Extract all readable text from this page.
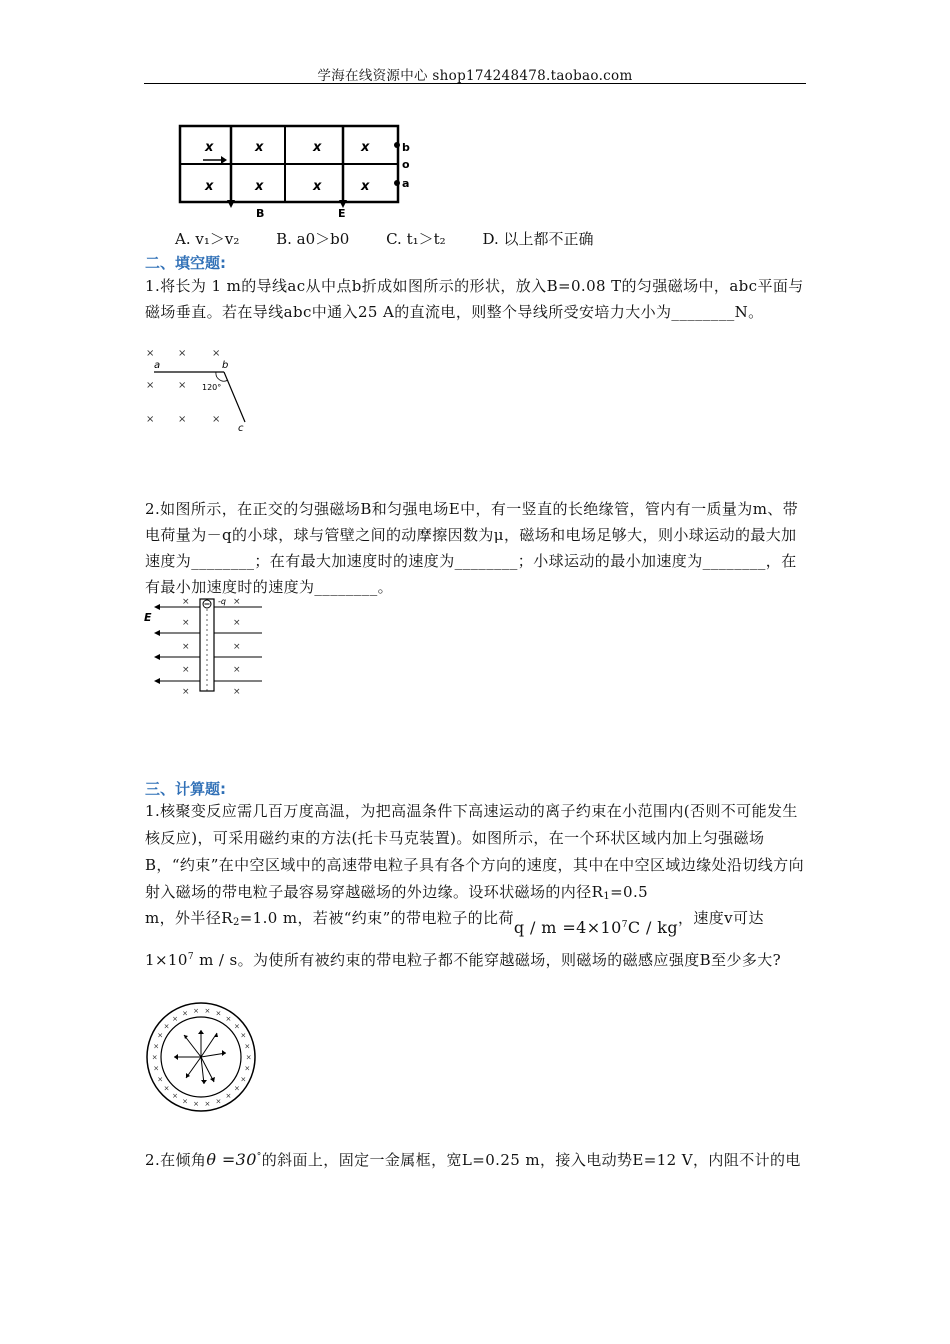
学海在线资源中心 shop174248478.taobao.com
x
x
x
x
x
x
x
x
b
o
a
B	E
A. v₁＞v₂ B. a0＞b0 C. t₁＞t₂ D. 以上都不正确
二、填空题:
1.将长为 1 m的导线ac从中点b折成如图所示的形状，放入B=0.08 T的匀强磁场中，abc平面与磁场垂直。若在导线abc中通入25 A的直流电，则整个导线所受安培力大小为________N。
× ×	×
× ×
× ×	×
a	b
c
120°
2.如图所示，在正交的匀强磁场B和匀强电场E中，有一竖直的长绝缘管，管内有一质量为m、带电荷量为－q的小球，球与管壁之间的动摩擦因数为μ，磁场和电场足够大，则小球运动的最大加速度为________；在有最大加速度时的速度为________；小球运动的最小加速度为________，在有最小加速度时的速度为________。
×	×
×	×
×	×
×	×
×	×
E
-q
三、计算题:
1.核聚变反应需几百万度高温，为把高温条件下高速运动的离子约束在小范围内(否则不可能发生核反应)，可采用磁约束的方法(托卡马克装置)。如图所示，在一个环状区域内加上匀强磁场B，“约束”在中空区域中的高速带电粒子具有各个方向的速度，其中在中空区域边缘处沿切线方向射入磁场的带电粒子最容易穿越磁场的外边缘。设环状磁场的内径$R_1=0.5$
m，外半径$R_2=1.0$ m，若被“约束”的带电粒子的比荷$q / m =4\times 10^7C$ / kg，速度v可达
$1\times 10^7$ m / s。为使所有被约束的带电粒子都不能穿越磁场，则磁场的磁感应强度B至少多大?
×
×
×
×
×
×
×
×
×
×
×
×
×
×
×
×
×
×
× × × ×
×
×
×
×
2.在倾角θ =30°的斜面上，固定一金属框，宽L=0.25 m，接入电动势E=12 V，内阻不计的电
